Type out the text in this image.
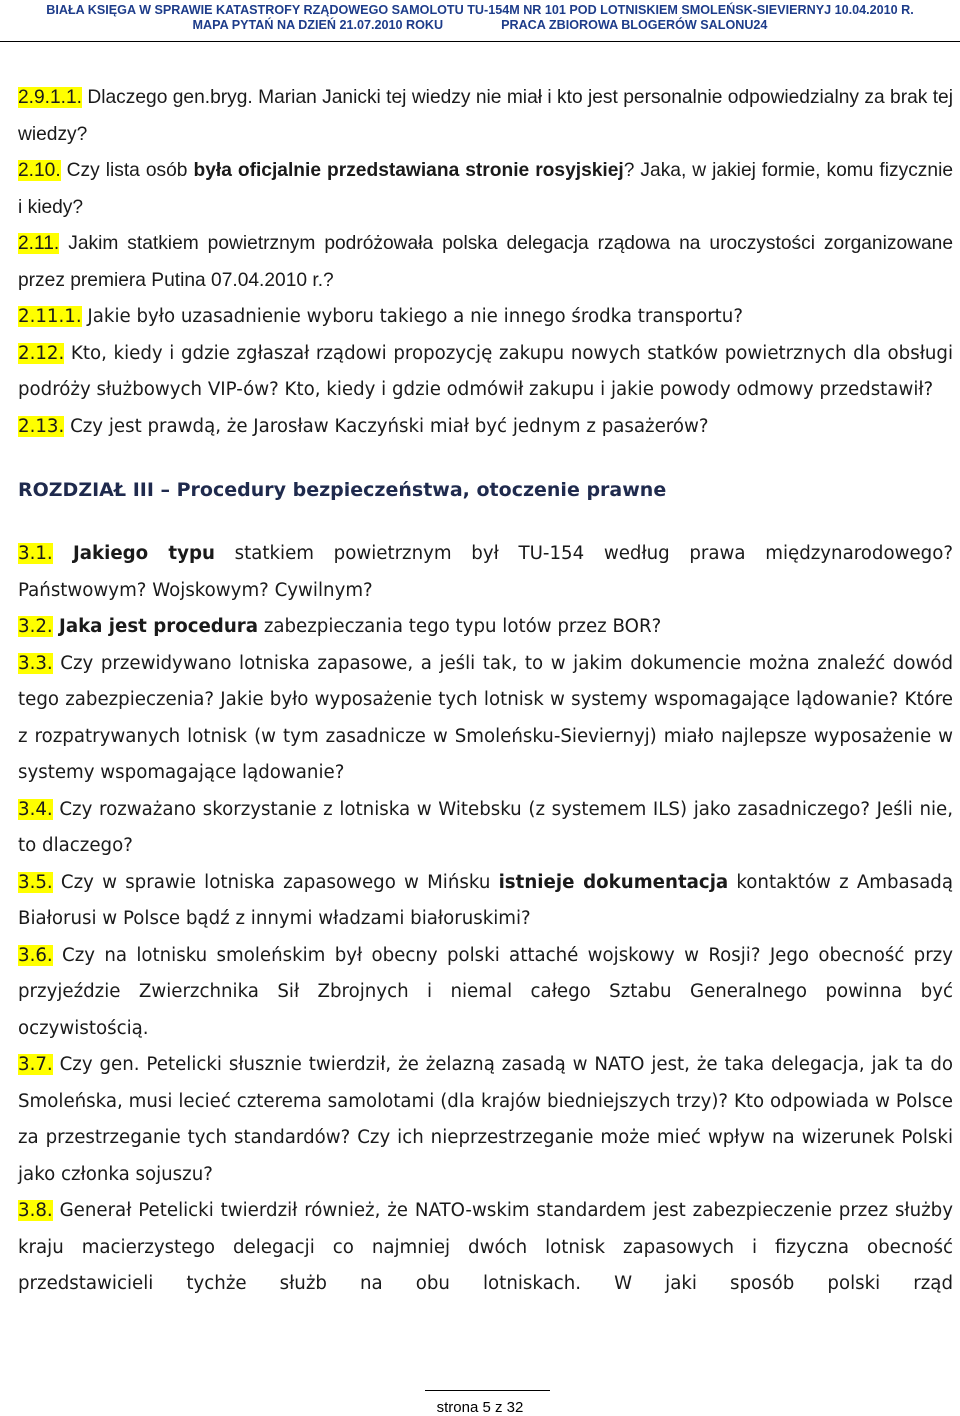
BIAŁA KSIĘGA W SPRAWIE KATASTROFY RZĄDOWEGO SAMOLOTU TU-154M NR 101 POD LOTNISKIEM SMOLEŃSK-SIEVIERNYJ 10.04.2010 R.
MAPA PYTAŃ NA DZIEŃ 21.07.2010 ROKU	PRACA ZBIOROWA BLOGERÓW SALONU24

2.9.1.1. Dlaczego gen.bryg. Marian Janicki tej wiedzy nie miał i kto jest personalnie odpowiedzialny za brak tej wiedzy?

2.10. Czy lista osób była oficjalnie przedstawiana stronie rosyjskiej? Jaka, w jakiej formie, komu fizycznie i kiedy?

2.11. Jakim statkiem powietrznym podróżowała polska delegacja rządowa na uroczystości zorganizowane przez premiera Putina 07.04.2010 r.?

2.11.1. Jakie było uzasadnienie wyboru takiego a nie innego środka transportu?

2.12. Kto, kiedy i gdzie zgłaszał rządowi propozycję zakupu nowych statków powietrznych dla obsługi podróży służbowych VIP-ów? Kto, kiedy i gdzie odmówił zakupu i jakie powody odmowy przedstawił?

2.13. Czy jest prawdą, że Jarosław Kaczyński miał być jednym z pasażerów?

ROZDZIAŁ III – Procedury bezpieczeństwa, otoczenie prawne

3.1. Jakiego typu statkiem powietrznym był TU-154 według prawa międzynarodowego? Państwowym? Wojskowym? Cywilnym?

3.2. Jaka jest procedura zabezpieczania tego typu lotów przez BOR?

3.3. Czy przewidywano lotniska zapasowe, a jeśli tak, to w jakim dokumencie można znaleźć dowód tego zabezpieczenia? Jakie było wyposażenie tych lotnisk w systemy wspomagające lądowanie? Które z rozpatrywanych lotnisk (w tym zasadnicze w Smoleńsku-Sieviernyj) miało najlepsze wyposażenie w systemy wspomagające lądowanie?

3.4. Czy rozważano skorzystanie z lotniska w Witebsku (z systemem ILS) jako zasadniczego? Jeśli nie, to dlaczego?

3.5. Czy w sprawie lotniska zapasowego w Mińsku istnieje dokumentacja kontaktów z Ambasadą Białorusi w Polsce bądź z innymi władzami białoruskimi?

3.6. Czy na lotnisku smoleńskim był obecny polski attaché wojskowy w Rosji? Jego obecność przy przyjeździe Zwierzchnika Sił Zbrojnych i niemal całego Sztabu Generalnego powinna być oczywistością.

3.7. Czy gen. Petelicki słusznie twierdził, że żelazną zasadą w NATO jest, że taka delegacja, jak ta do Smoleńska, musi lecieć czterema samolotami (dla krajów biedniejszych trzy)? Kto odpowiada w Polsce za przestrzeganie tych standardów? Czy ich nieprzestrzeganie może mieć wpływ na wizerunek Polski jako członka sojuszu?

3.8. Generał Petelicki twierdził również, że NATO-wskim standardem jest zabezpieczenie przez służby kraju macierzystego delegacji co najmniej dwóch lotnisk zapasowych i fizyczna obecność przedstawicieli tychże służb na obu lotniskach. W jaki sposób polski rząd

strona 5 z 32
